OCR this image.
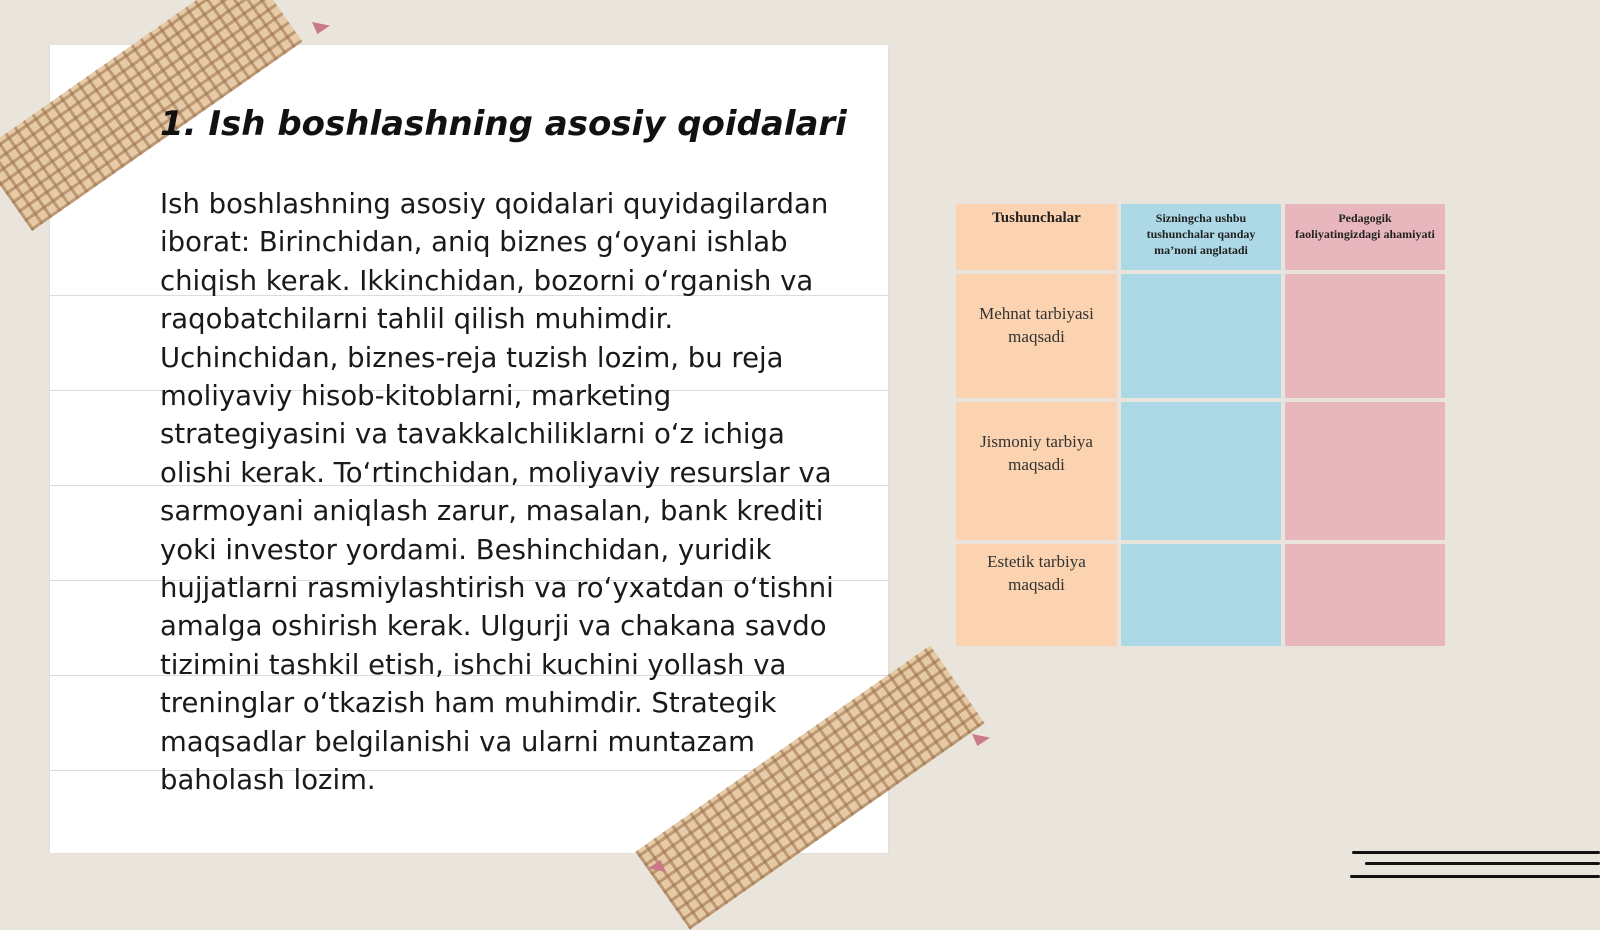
1. Ish boshlashning asosiy qoidalari

Ish boshlashning asosiy qoidalari quyidagilardan iborat: Birinchidan, aniq biznes g‘oyani ishlab chiqish kerak. Ikkinchidan, bozorni o‘rganish va raqobatchilarni tahlil qilish muhimdir. Uchinchidan, biznes-reja tuzish lozim, bu reja moliyaviy hisob-kitoblarni, marketing strategiyasini va tavakkalchiliklarni o‘z ichiga olishi kerak. To‘rtinchidan, moliyaviy resurslar va sarmoyani aniqlash zarur, masalan, bank krediti yoki investor yordami. Beshinchidan, yuridik hujjatlarni rasmiylashtirish va ro‘yxatdan o‘tishni amalga oshirish kerak. Ulgurji va chakana savdo tizimini tashkil etish, ishchi kuchini yollash va treninglar o‘tkazish ham muhimdir. Strategik maqsadlar belgilanishi va ularni muntazam baholash lozim.

Tushunchalar	Sizningcha ushbu tushunchalar qanday ma’noni anglatadi	Pedagogik faoliyatingizdagi ahamiyati

Mehnat tarbiyasi maqsadi		

Jismoniy tarbiya maqsadi		

Estetik tarbiya maqsadi		
